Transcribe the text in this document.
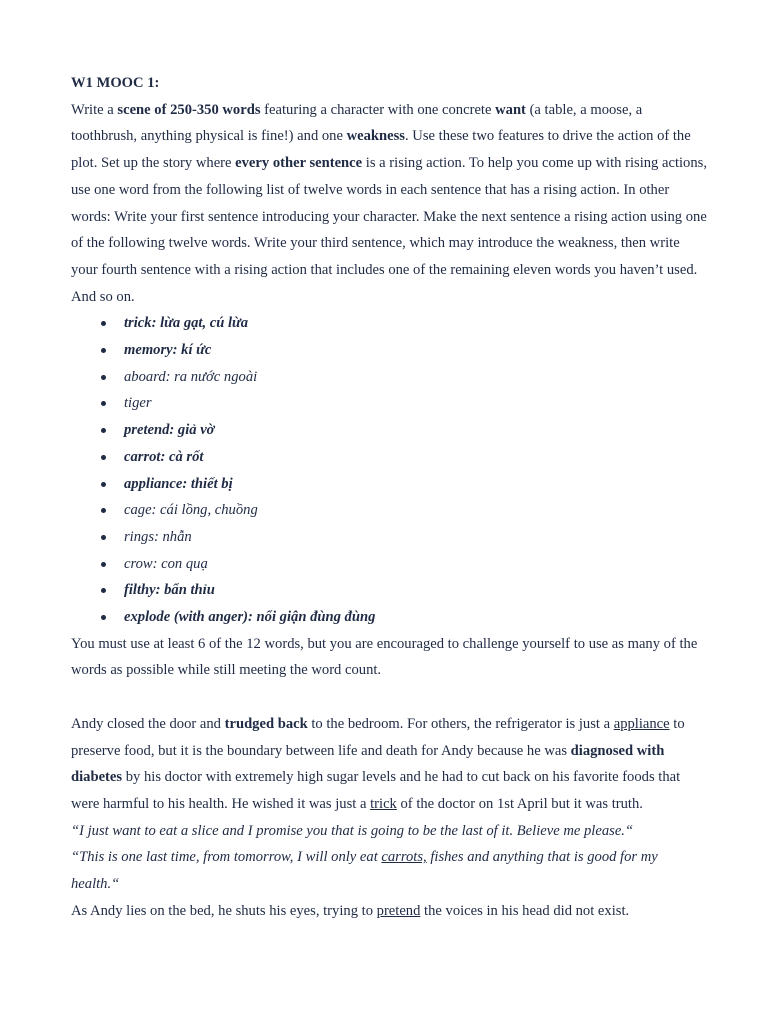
W1 MOOC 1:

Write a scene of 250-350 words featuring a character with one concrete want (a table, a moose, a toothbrush, anything physical is fine!) and one weakness. Use these two features to drive the action of the plot. Set up the story where every other sentence is a rising action. To help you come up with rising actions, use one word from the following list of twelve words in each sentence that has a rising action. In other words: Write your first sentence introducing your character. Make the next sentence a rising action using one of the following twelve words. Write your third sentence, which may introduce the weakness, then write your fourth sentence with a rising action that includes one of the remaining eleven words you haven’t used. And so on.

trick: lừa gạt, cú lừa
memory: kí ức
aboard: ra nước ngoài
tiger
pretend: giả vờ
carrot: cà rốt
appliance: thiết bị
cage: cái lồng, chuồng
rings: nhẫn
crow: con quạ
filthy: bẩn thỉu
explode (with anger): nổi giận đùng đùng

You must use at least 6 of the 12 words, but you are encouraged to challenge yourself to use as many of the words as possible while still meeting the word count.

Andy closed the door and trudged back to the bedroom. For others, the refrigerator is just a appliance to preserve food, but it is the boundary between life and death for Andy because he was diagnosed with diabetes by his doctor with extremely high sugar levels and he had to cut back on his favorite foods that were harmful to his health. He wished it was just a trick of the doctor on 1st April but it was truth.

“I just want to eat a slice and I promise you that is going to be the last of it. Believe me please.“

“This is one last time, from tomorrow, I will only eat carrots, fishes and anything that is good for my health.“

As Andy lies on the bed, he shuts his eyes, trying to pretend the voices in his head did not exist.
